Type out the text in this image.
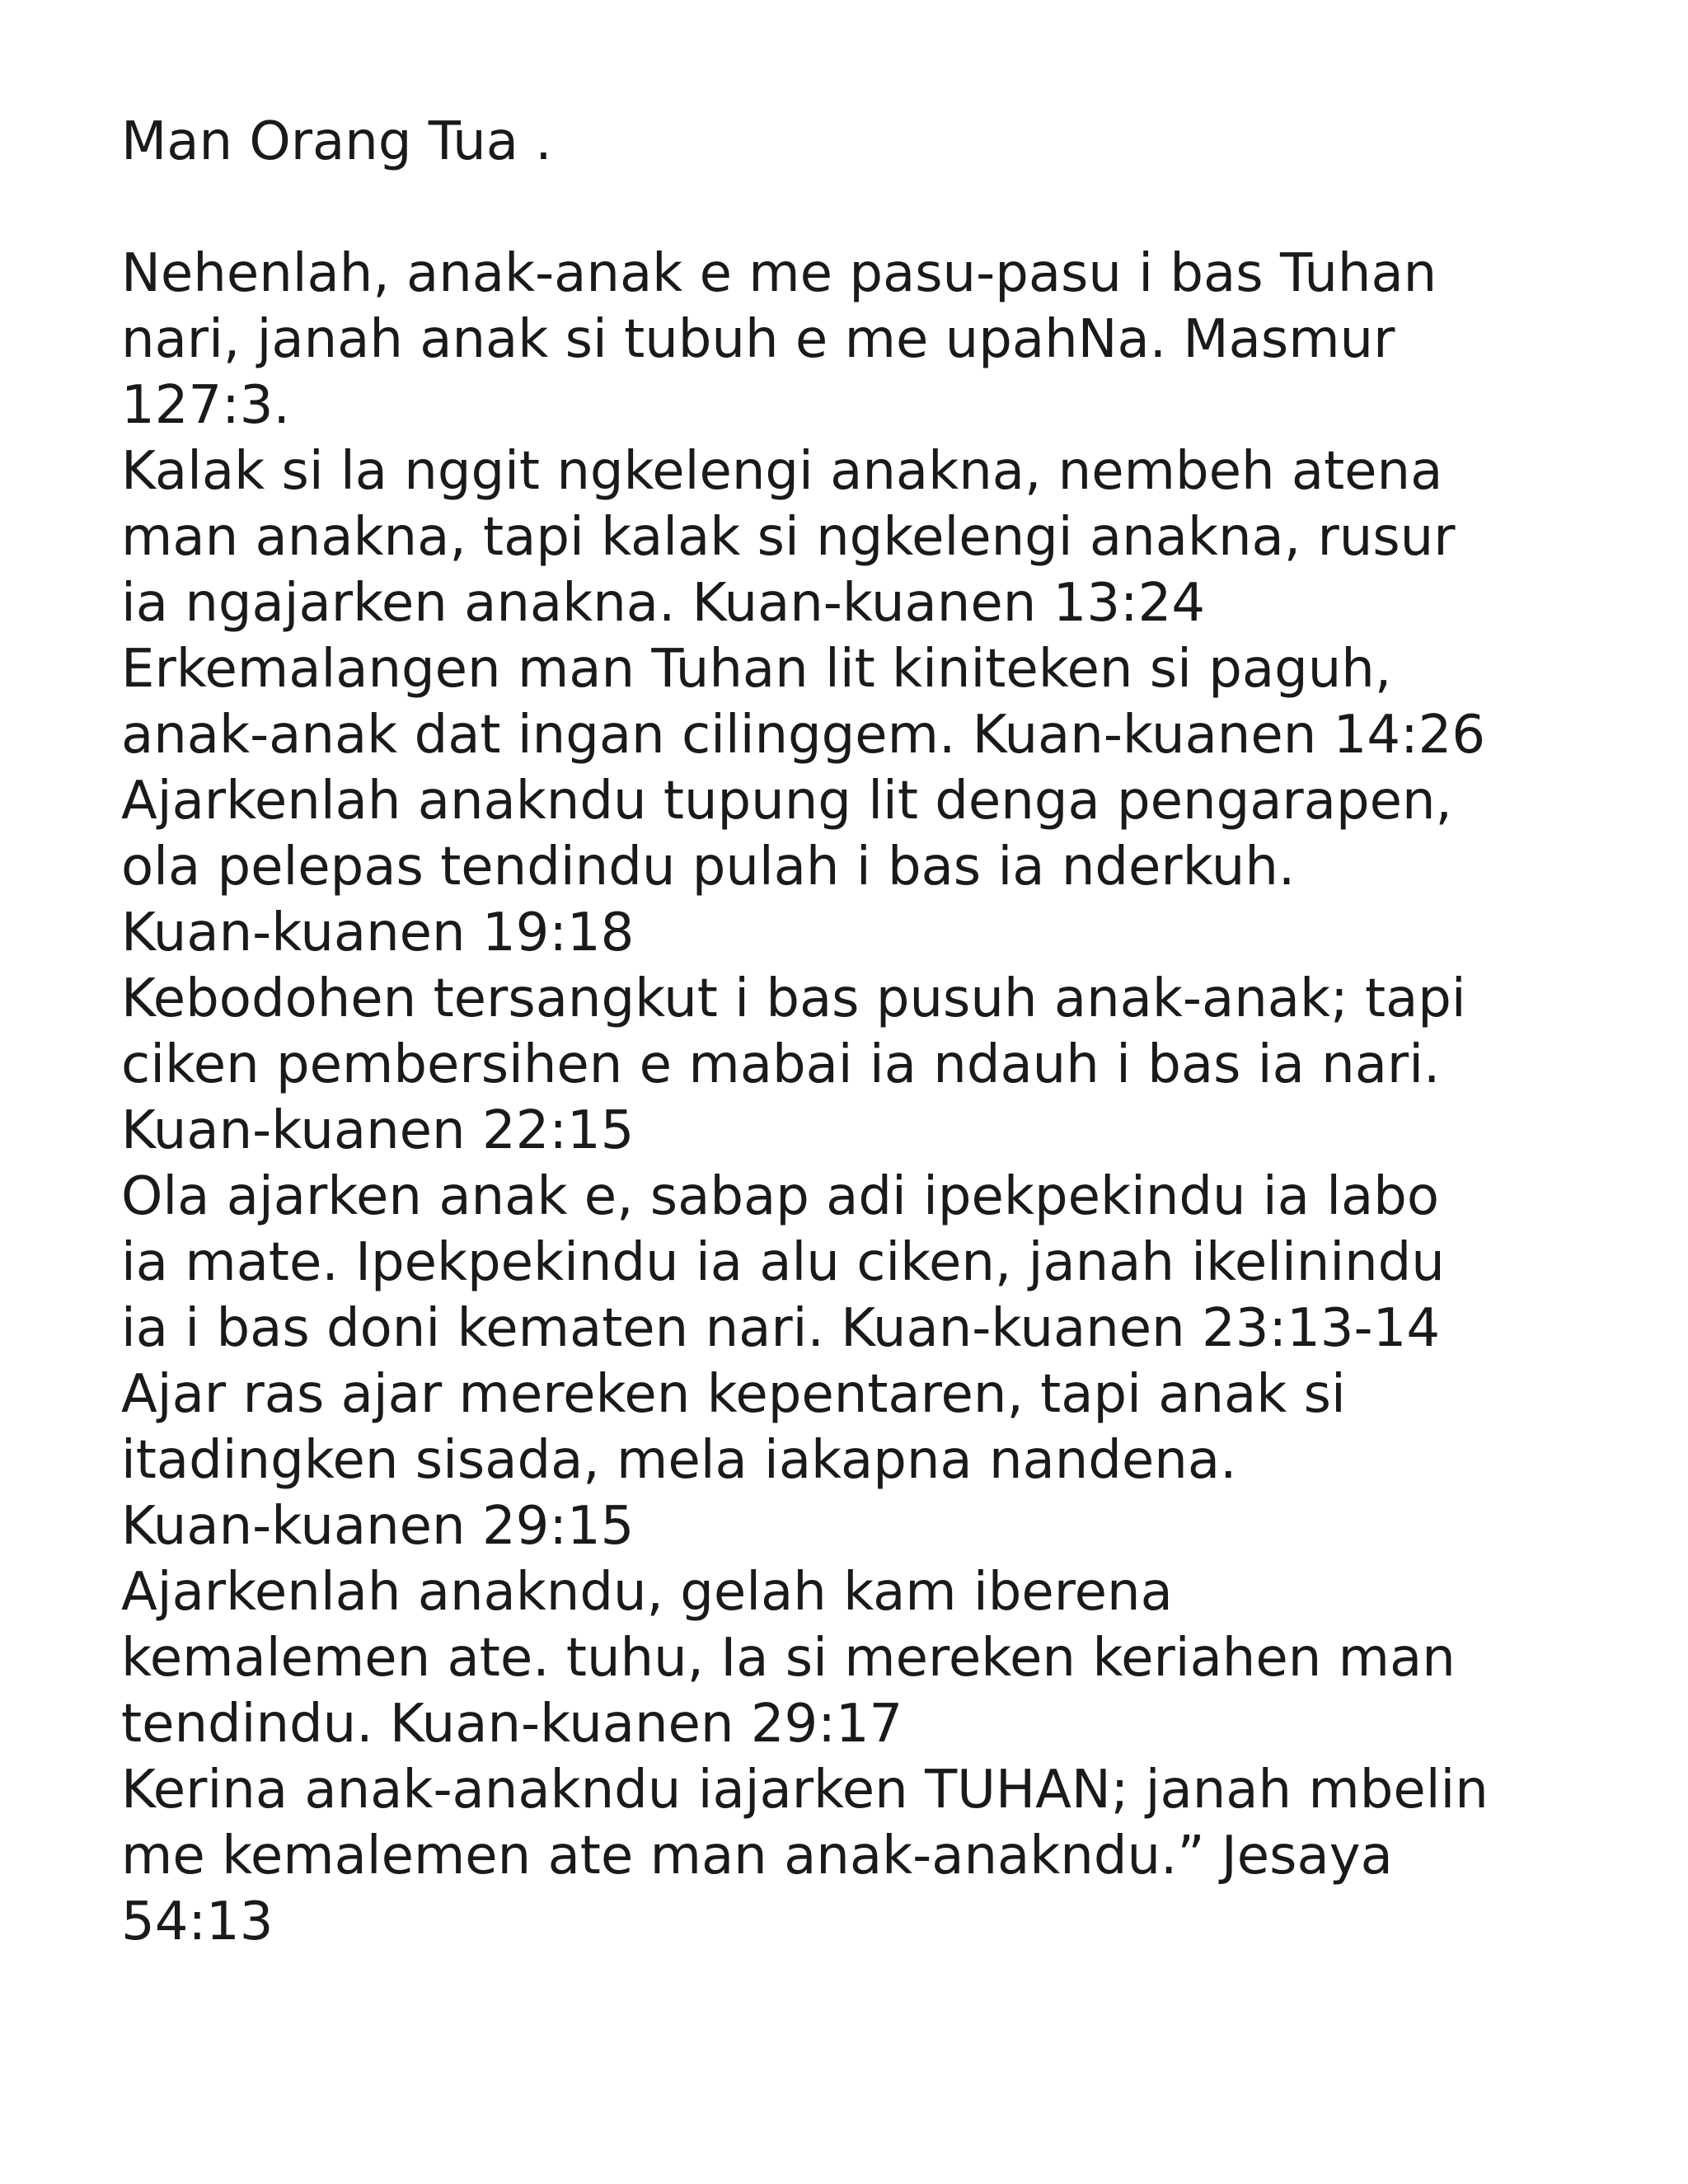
Man Orang Tua .
Nehenlah, anak-anak e me pasu-pasu i bas Tuhan
nari, janah anak si tubuh e me upahNa. Masmur
127:3.
Kalak si la nggit ngkelengi anakna, nembeh atena
man anakna, tapi kalak si ngkelengi anakna, rusur
ia ngajarken anakna. Kuan-kuanen 13:24
Erkemalangen man Tuhan lit kiniteken si paguh,
anak-anak dat ingan cilinggem. Kuan-kuanen 14:26
Ajarkenlah anakndu tupung lit denga pengarapen,
ola pelepas tendindu pulah i bas ia nderkuh.
Kuan-kuanen 19:18
Kebodohen tersangkut i bas pusuh anak-anak; tapi
ciken pembersihen e mabai ia ndauh i bas ia nari.
Kuan-kuanen 22:15
Ola ajarken anak e, sabap adi ipekpekindu ia labo
ia mate. Ipekpekindu ia alu ciken, janah ikelinindu
ia i bas doni kematen nari. Kuan-kuanen 23:13-14
Ajar ras ajar mereken kepentaren, tapi anak si
itadingken sisada, mela iakapna nandena.
Kuan-kuanen 29:15
Ajarkenlah anakndu, gelah kam iberena
kemalemen ate. tuhu, Ia si mereken keriahen man
tendindu. Kuan-kuanen 29:17
Kerina anak-anakndu iajarken TUHAN; janah mbelin
me kemalemen ate man anak-anakndu.” Jesaya
54:13
